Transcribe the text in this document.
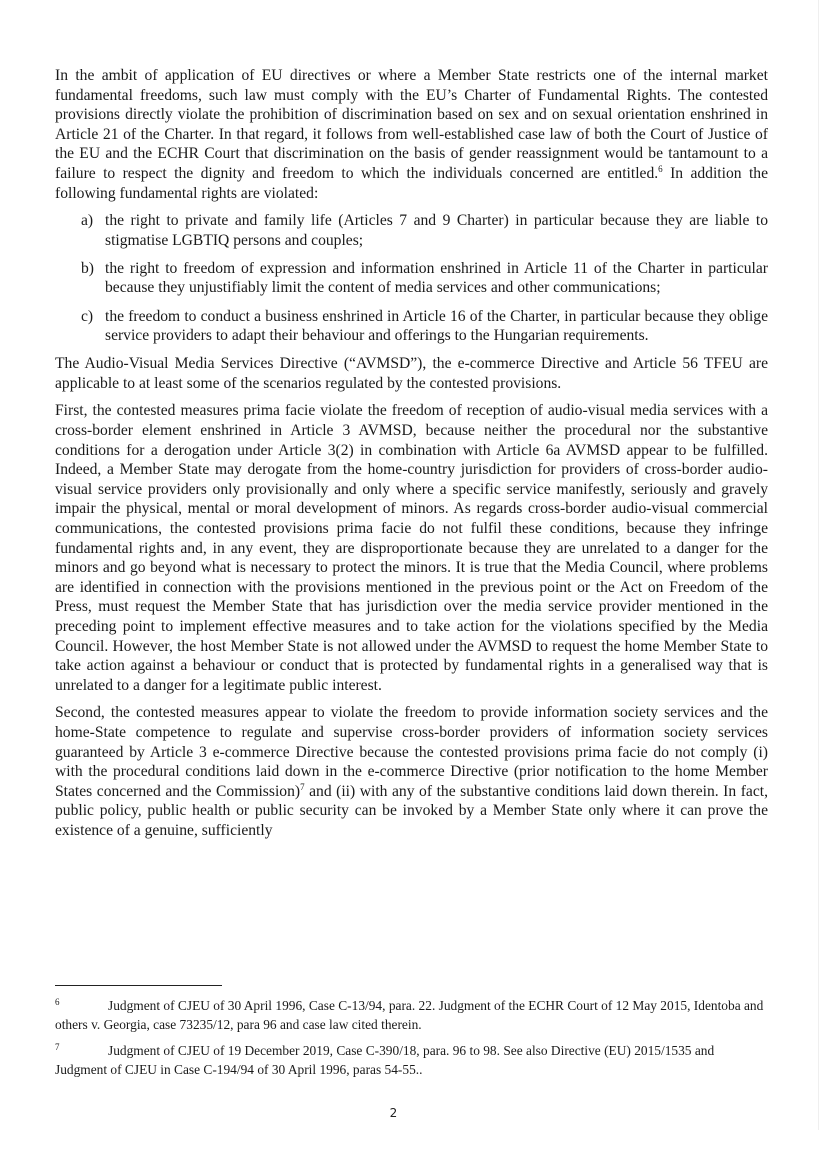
In the ambit of application of EU directives or where a Member State restricts one of the internal market fundamental freedoms, such law must comply with the EU’s Charter of Fundamental Rights. The contested provisions directly violate the prohibition of discrimination based on sex and on sexual orientation enshrined in Article 21 of the Charter. In that regard, it follows from well-established case law of both the Court of Justice of the EU and the ECHR Court that discrimination on the basis of gender reassignment would be tantamount to a failure to respect the dignity and freedom to which the individuals concerned are entitled.$^6$ In addition the following fundamental rights are violated:

a) the right to private and family life (Articles 7 and 9 Charter) in particular because they are liable to stigmatise LGBTIQ persons and couples;
b) the right to freedom of expression and information enshrined in Article 11 of the Charter in particular because they unjustifiably limit the content of media services and other communications;
c) the freedom to conduct a business enshrined in Article 16 of the Charter, in particular because they oblige service providers to adapt their behaviour and offerings to the Hungarian requirements.

The Audio-Visual Media Services Directive (“AVMSD”), the e-commerce Directive and Article 56 TFEU are applicable to at least some of the scenarios regulated by the contested provisions.

First, the contested measures prima facie violate the freedom of reception of audio-visual media services with a cross-border element enshrined in Article 3 AVMSD, because neither the procedural nor the substantive conditions for a derogation under Article 3(2) in combination with Article 6a AVMSD appear to be fulfilled. Indeed, a Member State may derogate from the home-country jurisdiction for providers of cross-border audio-visual service providers only provisionally and only where a specific service manifestly, seriously and gravely impair the physical, mental or moral development of minors. As regards cross-border audio-visual commercial communications, the contested provisions prima facie do not fulfil these conditions, because they infringe fundamental rights and, in any event, they are disproportionate because they are unrelated to a danger for the minors and go beyond what is necessary to protect the minors. It is true that the Media Council, where problems are identified in connection with the provisions mentioned in the previous point or the Act on Freedom of the Press, must request the Member State that has jurisdiction over the media service provider mentioned in the preceding point to implement effective measures and to take action for the violations specified by the Media Council. However, the host Member State is not allowed under the AVMSD to request the home Member State to take action against a behaviour or conduct that is protected by fundamental rights in a generalised way that is unrelated to a danger for a legitimate public interest.

Second, the contested measures appear to violate the freedom to provide information society services and the home-State competence to regulate and supervise cross-border providers of information society services guaranteed by Article 3 e-commerce Directive because the contested provisions prima facie do not comply (i) with the procedural conditions laid down in the e-commerce Directive (prior notification to the home Member States concerned and the Commission)$^7$ and (ii) with any of the substantive conditions laid down therein. In fact, public policy, public health or public security can be invoked by a Member State only where it can prove the existence of a genuine, sufficiently

6	Judgment of CJEU of 30 April 1996, Case C-13/94, para. 22. Judgment of the ECHR Court of 12 May 2015, Identoba and others v. Georgia, case 73235/12, para 96 and case law cited therein.
7	Judgment of CJEU of 19 December 2019, Case C-390/18, para. 96 to 98. See also Directive (EU) 2015/1535 and Judgment of CJEU in Case C-194/94 of 30 April 1996, paras 54-55..
2
